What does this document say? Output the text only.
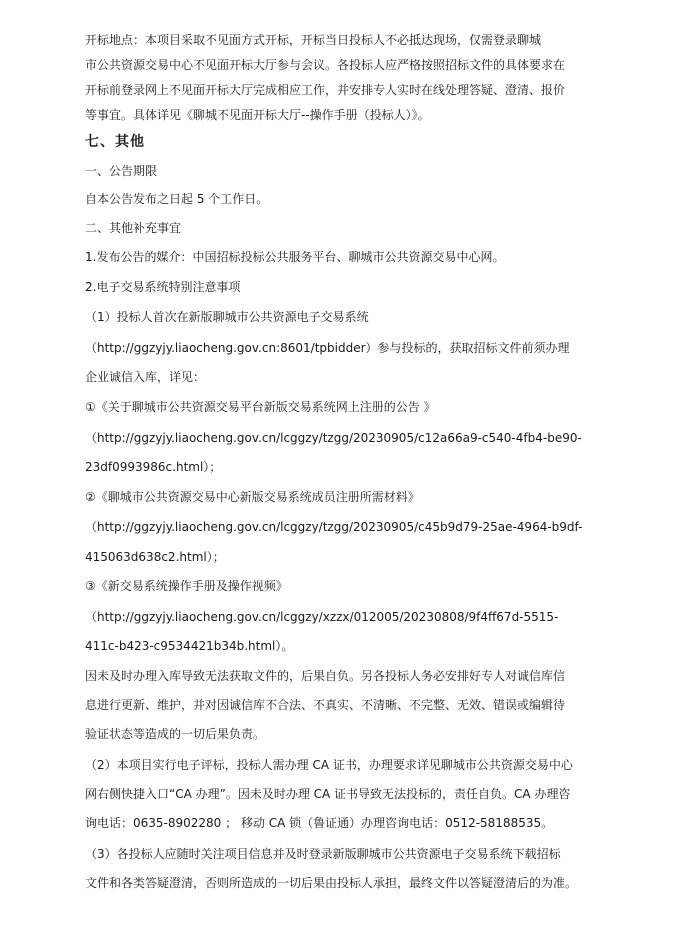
开标地点：本项目采取不见面方式开标，开标当日投标人不必抵达现场，仅需登录聊城
市公共资源交易中心不见面开标大厅参与会议。各投标人应严格按照招标文件的具体要求在
开标前登录网上不见面开标大厅完成相应工作，并安排专人实时在线处理答疑、澄清、报价
等事宜。具体详见《聊城不见面开标大厅--操作手册（投标人）》。
七、其他
一、公告期限
自本公告发布之日起 5 个工作日。
二、其他补充事宜
1.发布公告的媒介：中国招标投标公共服务平台、聊城市公共资源交易中心网。
2.电子交易系统特别注意事项
（1）投标人首次在新版聊城市公共资源电子交易系统
（http://ggzyjy.liaocheng.gov.cn:8601/tpbidder）参与投标的，获取招标文件前须办理
企业诚信入库，详见：
①《关于聊城市公共资源交易平台新版交易系统网上注册的公告 》
（http://ggzyjy.liaocheng.gov.cn/lcggzy/tzgg/20230905/c12a66a9-c540-4fb4-be90-
23df0993986c.html）；
②《聊城市公共资源交易中心新版交易系统成员注册所需材料》
（http://ggzyjy.liaocheng.gov.cn/lcggzy/tzgg/20230905/c45b9d79-25ae-4964-b9df-
415063d638c2.html）；
③《新交易系统操作手册及操作视频》
（http://ggzyjy.liaocheng.gov.cn/lcggzy/xzzx/012005/20230808/9f4ff67d-5515-
411c-b423-c9534421b34b.html）。
因未及时办理入库导致无法获取文件的，后果自负。另各投标人务必安排好专人对诚信库信
息进行更新、维护，并对因诚信库不合法、不真实、不清晰、不完整、无效、错误或编辑待
验证状态等造成的一切后果负责。
（2）本项目实行电子评标，投标人需办理 CA 证书，办理要求详见聊城市公共资源交易中心
网右侧快捷入口“CA 办理”。因未及时办理 CA 证书导致无法投标的，责任自负。CA 办理咨
询电话：0635-8902280 ； 移动 CA 锁（鲁证通）办理咨询电话：0512-58188535。
（3）各投标人应随时关注项目信息并及时登录新版聊城市公共资源电子交易系统下载招标
文件和各类答疑澄清，否则所造成的一切后果由投标人承担，最终文件以答疑澄清后的为准。
